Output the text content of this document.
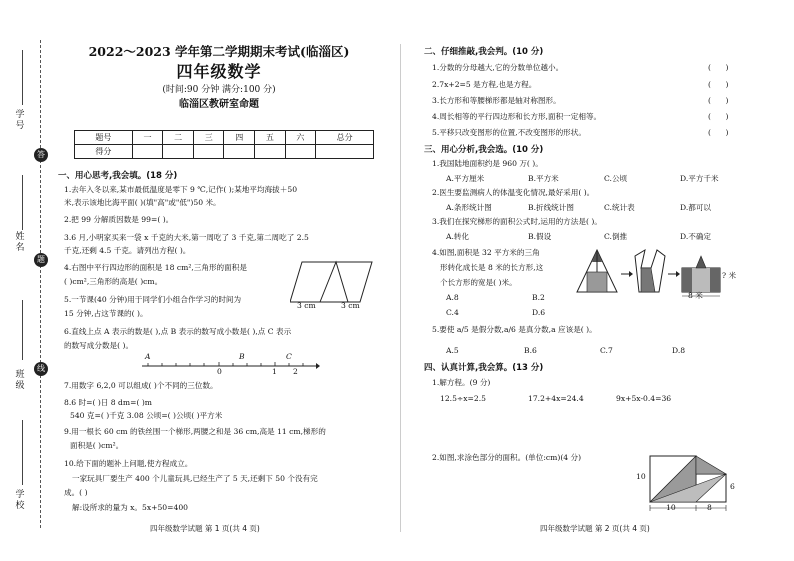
答
题
线
学 号
姓 名
班 级
学 校
2022～2023 学年第二学期期末考试(临淄区)
四年级数学
(时间:90 分钟 满分:100 分)
临淄区教研室命题
题号	一	二	三	四	五	六	总分
得分							
一、用心思考,我会填。(18 分)
1.去年入冬以来,某市最低温度是零下 9 ℃,记作( );某地平均海拔＋50
米,表示该地比海平面( )(填"高"或"低")50 米。
2.把 99 分解质因数是 99=( )。
3.6 月,小明家买来一袋 x 千克的大米,第一周吃了 3 千克,第二周吃了 2.5
千克,还剩 4.5 千克。请列出方程( )。
4.右图中平行四边形的面积是 18 cm²,三角形的面积是
( )cm²,三角形的高是( )cm。
3 cm	3 cm
5.一节课(40 分钟)用于同学们小组合作学习的时间为
15 分钟,占这节课的( )。
6.直线上点 A 表示的数是( ),点 B 表示的数写成小数是( ),点 C 表示
的数写成分数是( )。
A	B	C
0	1 2
7.用数字 6,2,0 可以组成( )个不同的三位数。
8.6 时=( )日 8 dm=( )m
540 克=( )千克 3.08 公顷=( )公顷( )平方米
9.用一根长 60 cm 的铁丝围一个梯形,两腰之和是 36 cm,高是 11 cm,梯形的
面积是( )cm²。
10.给下面的题补上问题,使方程成立。
一家玩具厂要生产 400 个儿童玩具,已经生产了 5 天,还剩下 50 个没有完
成。( )
解:设所求的量为 x。5x+50=400
四年级数学试题 第 1 页(共 4 页)
二、仔细推敲,我会判。(10 分)
1.分数的分母越大,它的分数单位越小。
2.7x+2=5 是方程,也是方程。
3.长方形和等腰梯形都是轴对称图形。
4.周长相等的平行四边形和长方形,面积一定相等。
5.平移只改变图形的位置,不改变图形的形状。
(      )
(      )
(      )
(      )
(      )
三、用心分析,我会选。(10 分)
1.我国陆地面积约是 960 万( )。
A.平方厘米	B.平方米	C.公顷	D.平方千米
2.医生要监测病人的体温变化情况,最好采用( )。
A.条形统计图	B.折线统计图	C.统计表	D.都可以
3.我们在探究梯形的面积公式时,运用的方法是( )。
A.转化	B.假设	C.倒推	D.不确定
4.如图,面积是 32 平方米的三角
形转化成长是 8 米的长方形,这
个长方形的宽是( )米。
A.8	B.2
C.4	D.6
? 米
8 米
5.要使 a/5 是假分数,a/6 是真分数,a 应该是( )。
A.5	B.6	C.7	D.8
四、认真计算,我会算。(13 分)
1.解方程。(9 分)
12.5÷x=2.5	17.2+4x=24.4	9x+5x-0.4=36
2.如图,求涂色部分的面积。(单位:cm)(4 分)
10
10	8
6
四年级数学试题 第 2 页(共 4 页)
